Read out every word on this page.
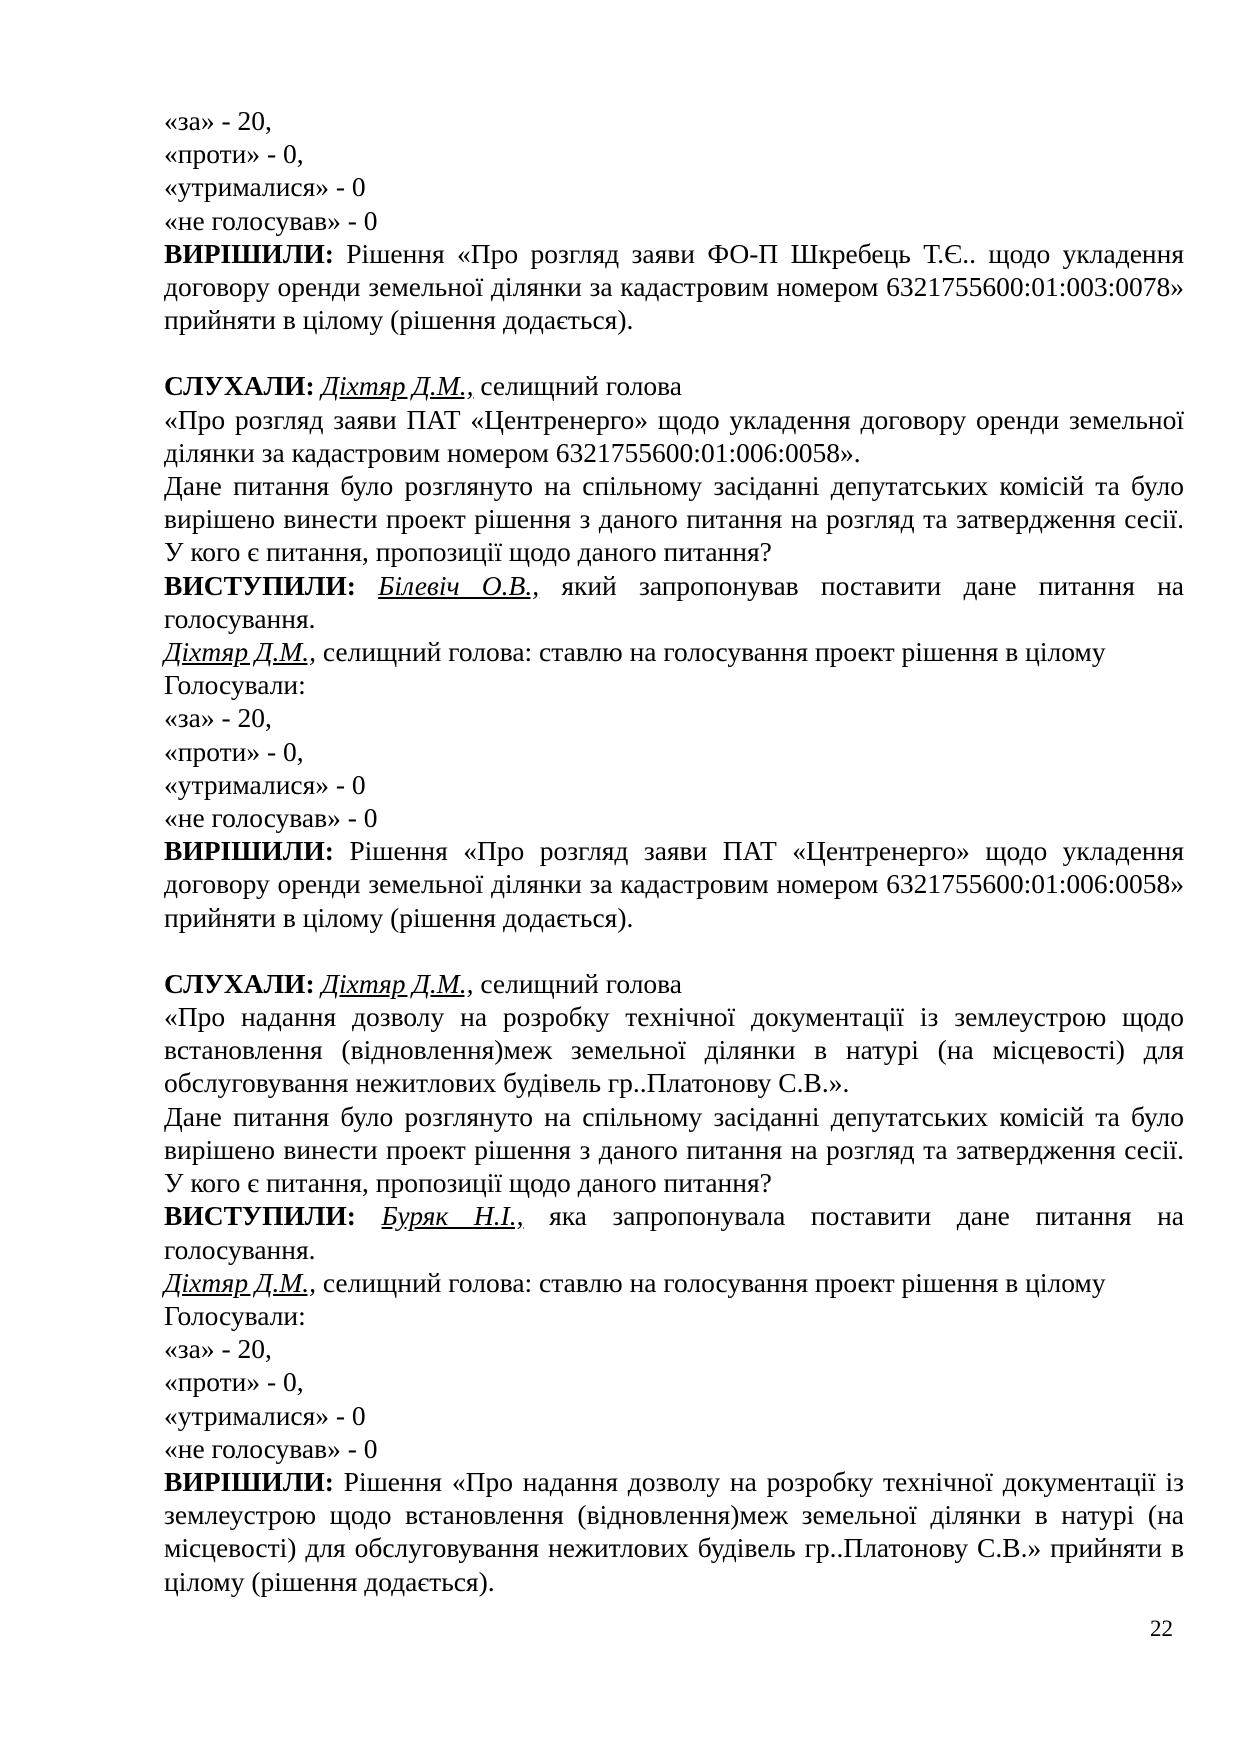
«за» - 20,
«проти» - 0,
«утрималися» - 0
«не голосував» - 0
ВИРІШИЛИ: Рішення «Про розгляд заяви ФО-П Шкребець Т.Є.. щодо укладення договору оренди земельної ділянки за кадастровим номером 6321755600:01:003:0078» прийняти в цілому (рішення додається).
СЛУХАЛИ: Діхтяр Д.М., селищний голова
«Про розгляд заяви ПАТ «Центренерго» щодо укладення договору оренди земельної ділянки за кадастровим номером 6321755600:01:006:0058».
Дане питання було розглянуто на спільному засіданні депутатських комісій та було вирішено винести проект рішення з даного питання на розгляд та затвердження сесії. У кого є питання, пропозиції щодо даного питання?
ВИСТУПИЛИ: Білевіч О.В., який запропонував поставити дане питання на голосування.
Діхтяр Д.М., селищний голова: ставлю на голосування проект рішення в цілому
Голосували:
«за» - 20,
«проти» - 0,
«утрималися» - 0
«не голосував» - 0
ВИРІШИЛИ: Рішення «Про розгляд заяви ПАТ «Центренерго» щодо укладення договору оренди земельної ділянки за кадастровим номером 6321755600:01:006:0058» прийняти в цілому (рішення додається).
СЛУХАЛИ: Діхтяр Д.М., селищний голова
«Про надання дозволу на розробку технічної документації із землеустрою щодо встановлення (відновлення)меж земельної ділянки в натурі (на місцевості) для обслуговування нежитлових будівель гр..Платонову С.В.».
Дане питання було розглянуто на спільному засіданні депутатських комісій та було вирішено винести проект рішення з даного питання на розгляд та затвердження сесії. У кого є питання, пропозиції щодо даного питання?
ВИСТУПИЛИ: Буряк Н.І., яка запропонувала поставити дане питання на голосування.
Діхтяр Д.М., селищний голова: ставлю на голосування проект рішення в цілому
Голосували:
«за» - 20,
«проти» - 0,
«утрималися» - 0
«не голосував» - 0
ВИРІШИЛИ: Рішення «Про надання дозволу на розробку технічної документації із землеустрою щодо встановлення (відновлення)меж земельної ділянки в натурі (на місцевості) для обслуговування нежитлових будівель гр..Платонову С.В.» прийняти в цілому (рішення додається).
22
